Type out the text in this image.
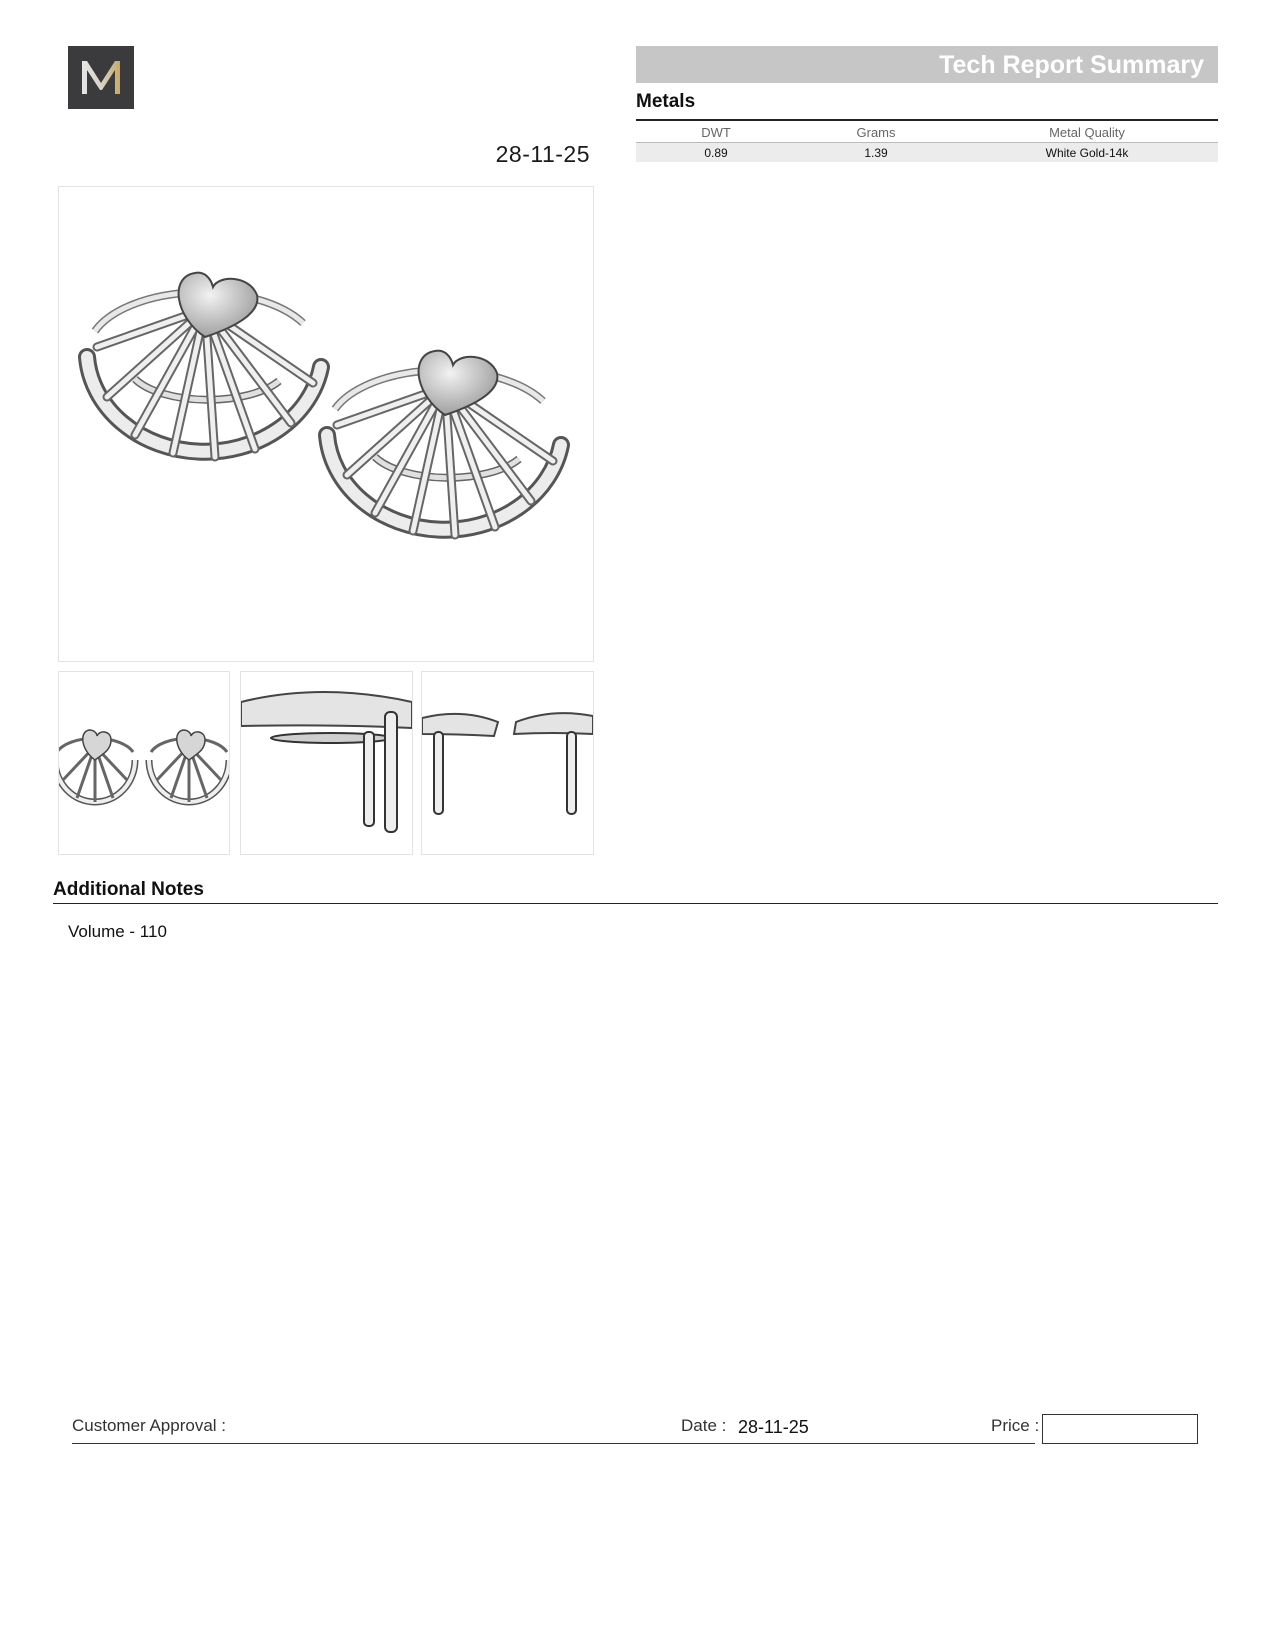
28-11-25
Tech Report Summary
Metals
DWT	Grams	Metal Quality
0.89	1.39	White Gold-14k
Additional Notes
Volume - 110
Customer Approval :	Date : 28-11-25	Price :
